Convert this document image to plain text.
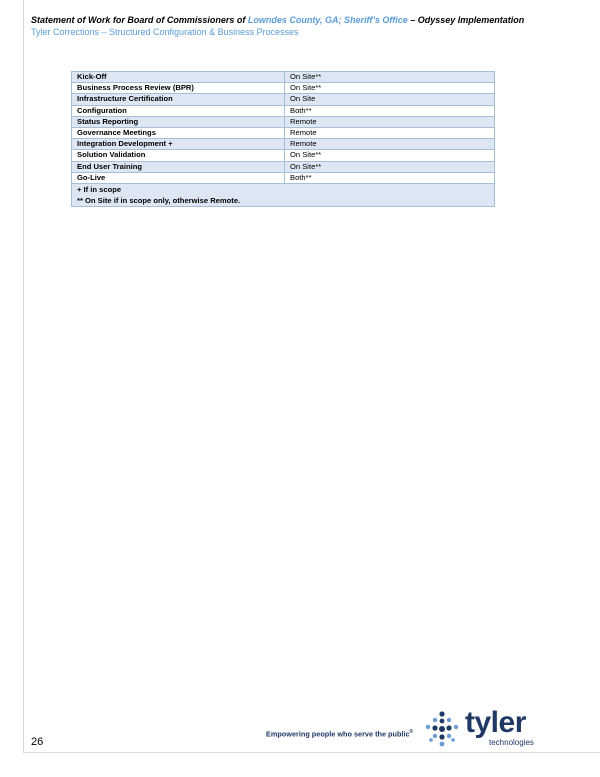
Statement of Work for Board of Commissioners of Lowndes County, GA; Sheriff’s Office – Odyssey Implementation
Tyler Corrections – Structured Configuration & Business Processes
Kick-Off	On Site**
Business Process Review (BPR)	On Site**
Infrastructure Certification	On Site
Configuration	Both**
Status Reporting	Remote
Governance Meetings	Remote
Integration Development +	Remote
Solution Validation	On Site**
End User Training	On Site**
Go-Live	Both**

+ If in scope
** On Site if in scope only, otherwise Remote.	
26
Empowering people who serve the public® tyler
technologies
